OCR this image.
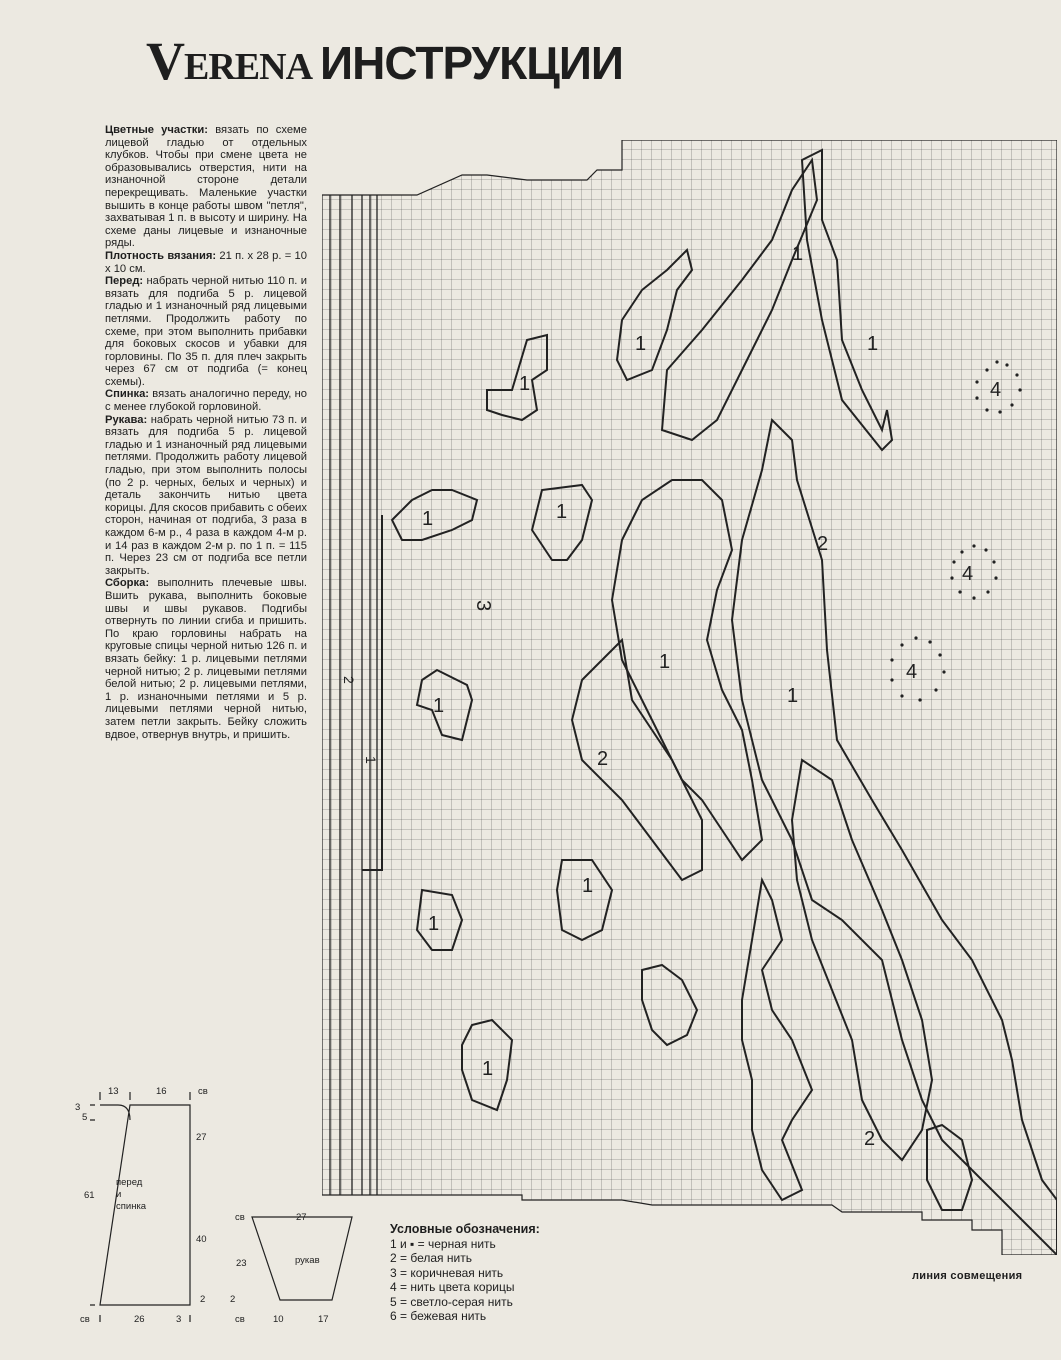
VERENA ИНСТРУКЦИИ

Цветные участки: вязать по схеме лицевой гладью от отдельных клубков. Чтобы при смене цвета не образовывались отверстия, нити на изнаночной стороне детали перекрещивать. Маленькие участки вышить в конце работы швом "петля", захватывая 1 п. в высоту и ширину. На схеме даны лицевые и изнаночные ряды.

Плотность вязания: 21 п. х 28 р. = 10 х 10 см.

Перед: набрать черной нитью 110 п. и вязать для подгиба 5 р. лицевой гладью и 1 изнаночный ряд лицевыми петлями. Продолжить работу по схеме, при этом выполнить прибавки для боковых скосов и убавки для горловины. По 35 п. для плеч закрыть через 67 см от подгиба (= конец схемы).

Спинка: вязать аналогично переду, но с менее глубокой горловиной.

Рукава: набрать черной нитью 73 п. и вязать для подгиба 5 р. лицевой гладью и 1 изнаночный ряд лицевыми петлями. Продолжить работу лицевой гладью, при этом выполнить полосы (по 2 р. черных, белых и черных) и деталь закончить нитью цвета корицы. Для скосов прибавить с обеих сторон, начиная от подгиба, 3 раза в каждом 6-м р., 4 раза в каждом 4-м р. и 14 раз в каждом 2-м р. по 1 п. = 115 п. Через 23 см от подгиба все петли закрыть.

Сборка: выполнить плечевые швы. Вшить рукава, выполнить боковые швы и швы рукавов. Подгибы отвернуть по линии сгиба и пришить. По краю горловины набрать на круговые спицы черной нитью 126 п. и вязать бейку: 1 р. лицевыми петлями черной нитью; 2 р. лицевыми петлями белой нитью; 2 р. лицевыми петлями, 1 р. изнаночными петлями и 5 р. лицевыми петлями черной нитью, затем петли закрыть. Бейку сложить вдвое, отвернув внутрь, и пришить.

1
1
1
1
1
1
1
1
1
1
1
1
2
2
2
3
4
4
4
2
1
13	16	св
3
5
27
61
40
2
26	3
св
св	27
23
2
св	10	17
перед
и
спинка
рукав
Условные обозначения:
1 и ▪ = черная нить
2 = белая нить
3 = коричневая нить
4 = нить цвета корицы
5 = светло-серая нить
6 = бежевая нить
линия совмещения
